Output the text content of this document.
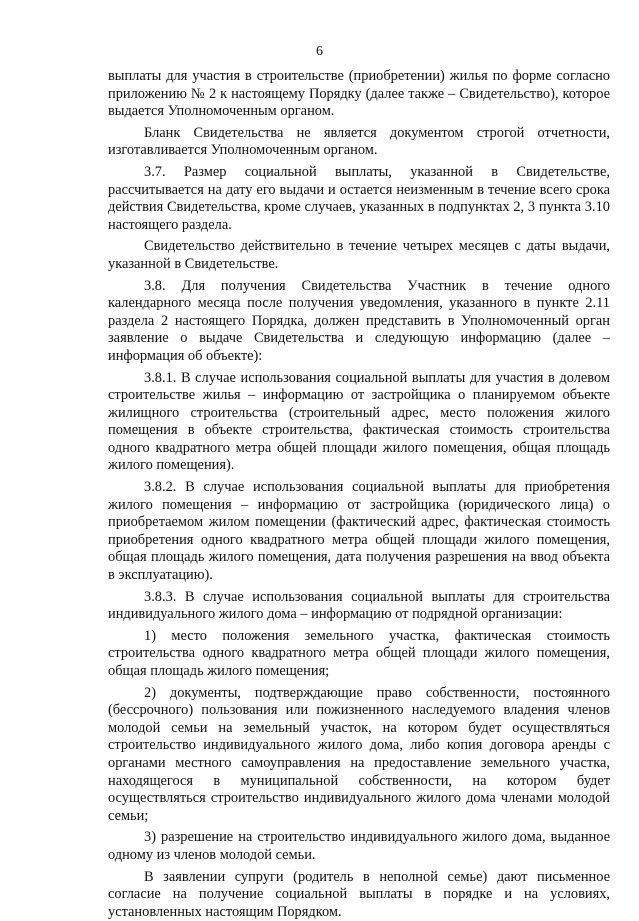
6

выплаты для участия в строительстве (приобретении) жилья по форме согласно приложению № 2 к настоящему Порядку (далее также – Свидетельство), которое выдается Уполномоченным органом.

Бланк Свидетельства не является документом строгой отчетности, изготавливается Уполномоченным органом.

3.7. Размер социальной выплаты, указанной в Свидетельстве, рассчитывается на дату его выдачи и остается неизменным в течение всего срока действия Свидетельства, кроме случаев, указанных в подпунктах 2, 3 пункта 3.10 настоящего раздела.

Свидетельство действительно в течение четырех месяцев с даты выдачи, указанной в Свидетельстве.

3.8. Для получения Свидетельства Участник в течение одного календарного месяца после получения уведомления, указанного в пункте 2.11 раздела 2 настоящего Порядка, должен представить в Уполномоченный орган заявление о выдаче Свидетельства и следующую информацию (далее – информация об объекте):

3.8.1. В случае использования социальной выплаты для участия в долевом строительстве жилья – информацию от застройщика о планируемом объекте жилищного строительства (строительный адрес, место положения жилого помещения в объекте строительства, фактическая стоимость строительства одного квадратного метра общей площади жилого помещения, общая площадь жилого помещения).

3.8.2. В случае использования социальной выплаты для приобретения жилого помещения – информацию от застройщика (юридического лица) о приобретаемом жилом помещении (фактический адрес, фактическая стоимость приобретения одного квадратного метра общей площади жилого помещения, общая площадь жилого помещения, дата получения разрешения на ввод объекта в эксплуатацию).

3.8.3. В случае использования социальной выплаты для строительства индивидуального жилого дома – информацию от подрядной организации:

1) место положения земельного участка, фактическая стоимость строительства одного квадратного метра общей площади жилого помещения, общая площадь жилого помещения;

2) документы, подтверждающие право собственности, постоянного (бессрочного) пользования или пожизненного наследуемого владения членов молодой семьи на земельный участок, на котором будет осуществляться строительство индивидуального жилого дома, либо копия договора аренды с органами местного самоуправления на предоставление земельного участка, находящегося в муниципальной собственности, на котором будет осуществляться строительство индивидуального жилого дома членами молодой семьи;

3) разрешение на строительство индивидуального жилого дома, выданное одному из членов молодой семьи.

В заявлении супруги (родитель в неполной семье) дают письменное согласие на получение социальной выплаты в порядке и на условиях, установленных настоящим Порядком.
